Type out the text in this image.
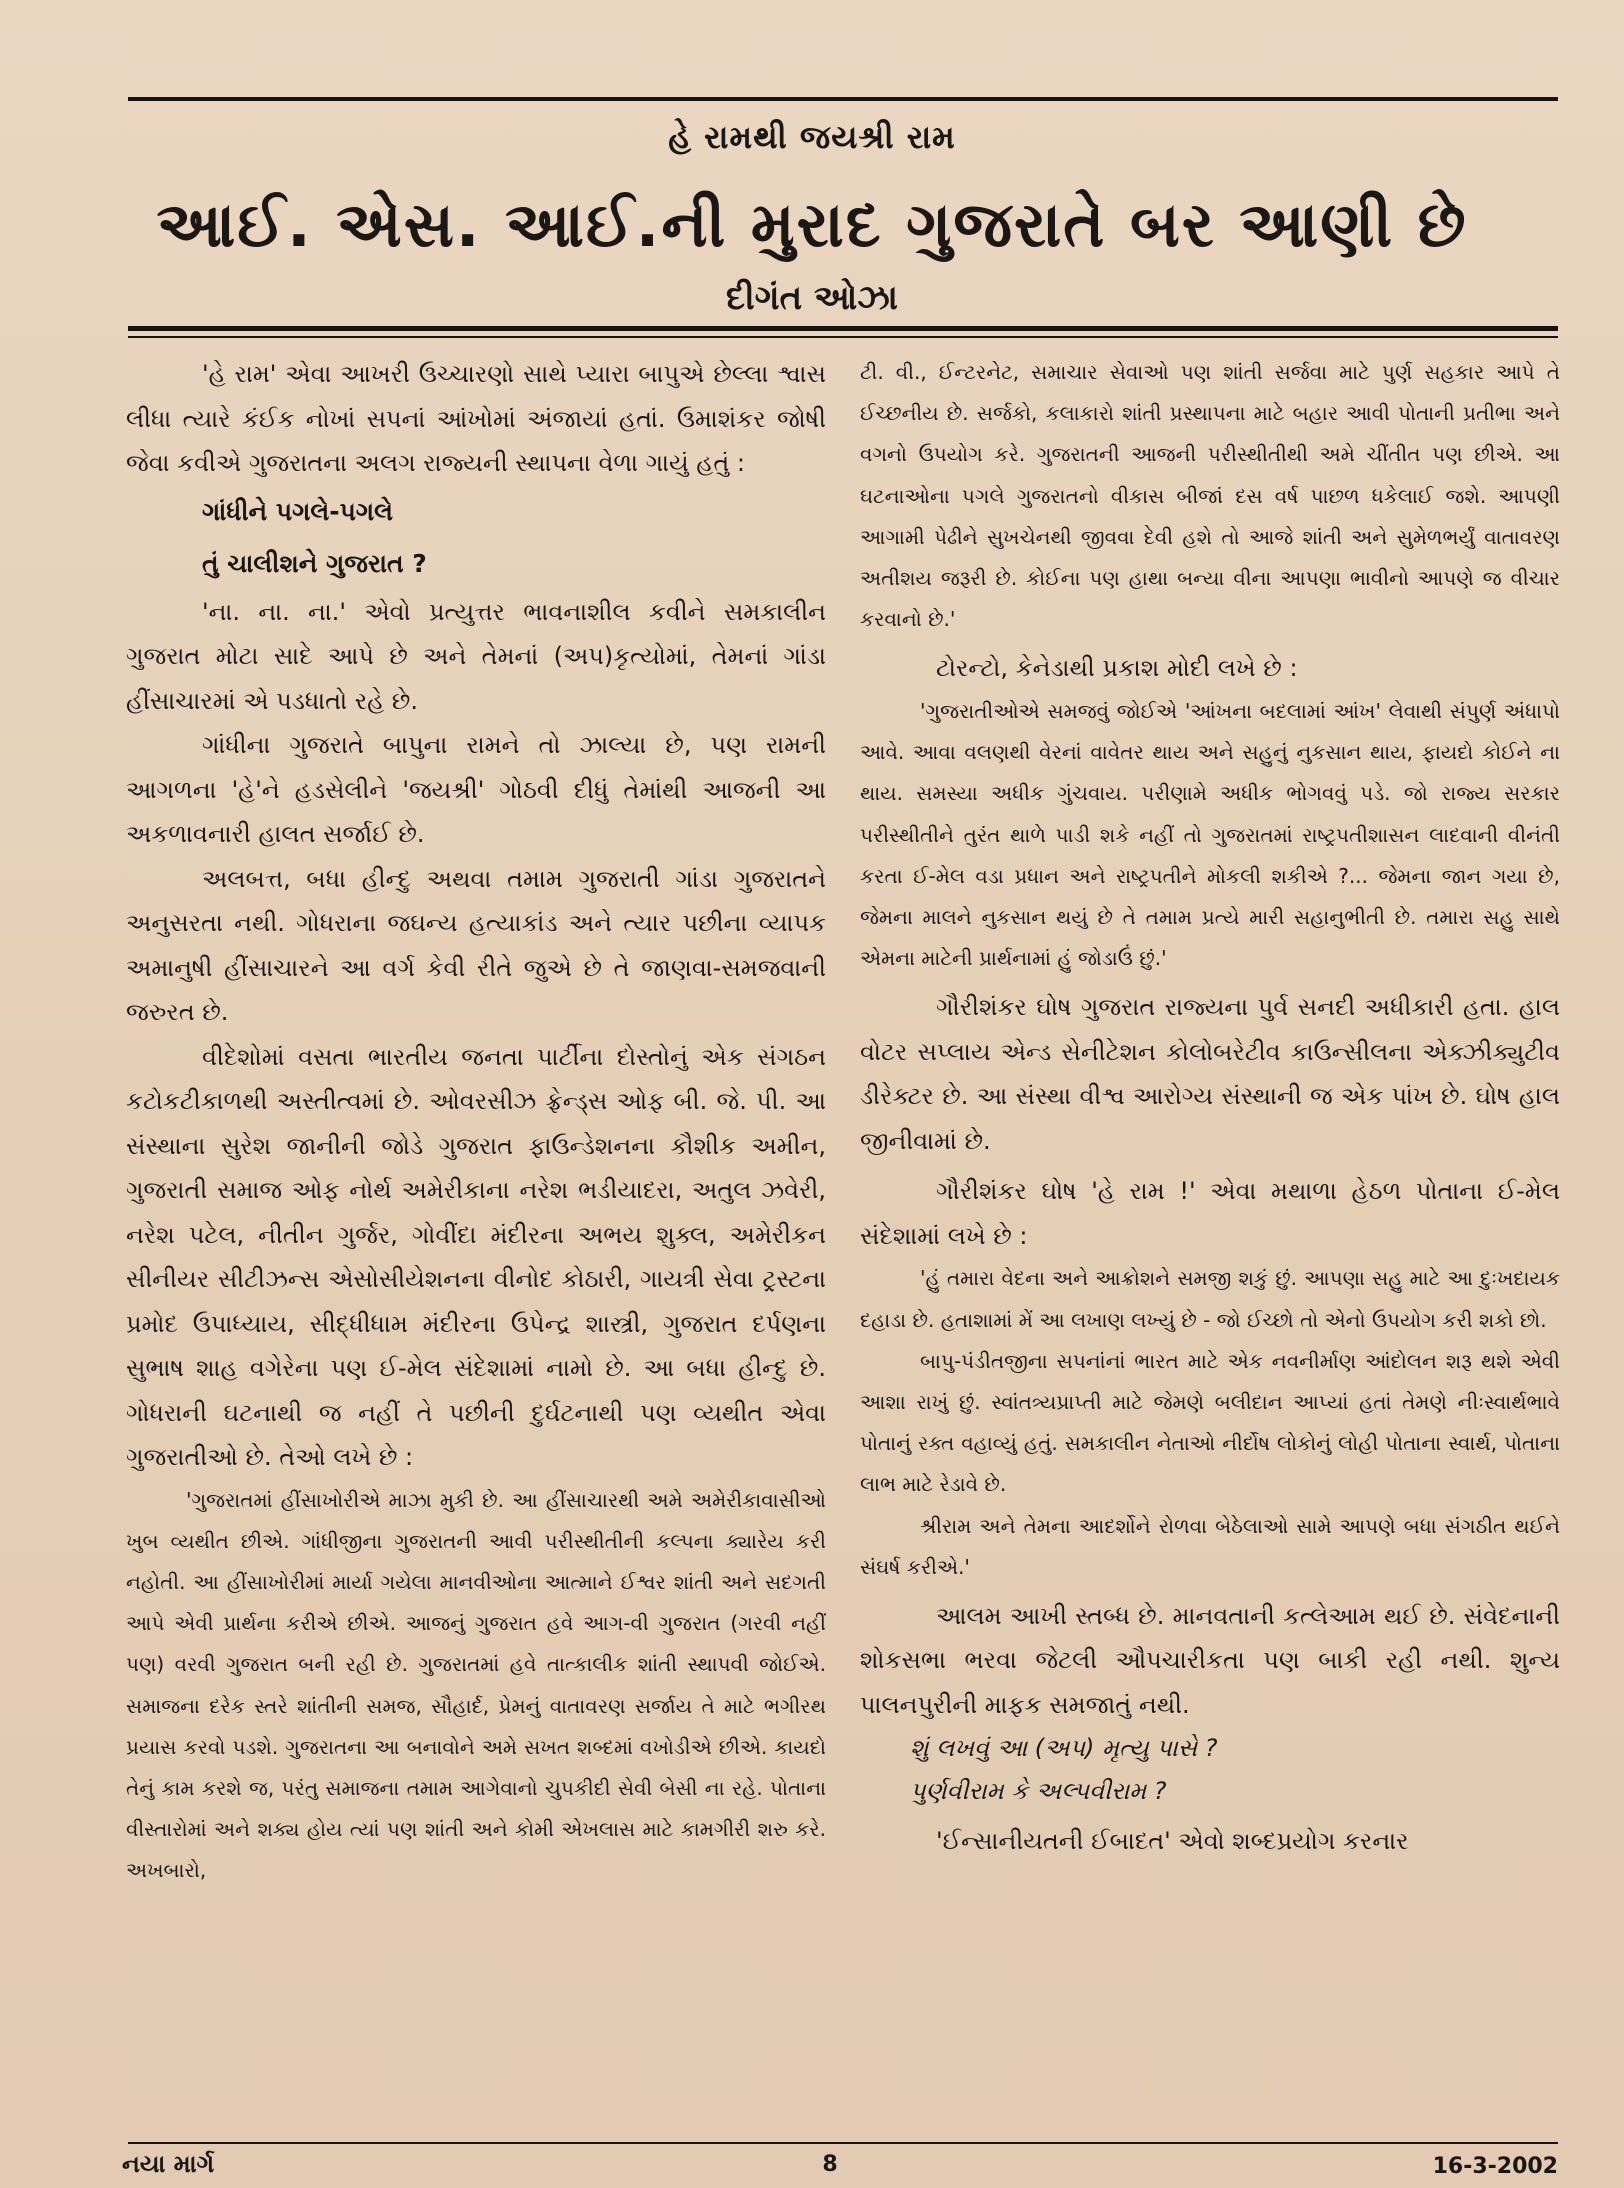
હે રામથી જયશ્રી રામ
આઈ. એસ. આઈ.ની મુરાદ ગુજરાતે બર આણી છે
દીગંત ઓઝા

'હે રામ' એવા આખરી ઉચ્ચારણો સાથે પ્યારા બાપુએ છેલ્લા શ્વાસ લીધા ત્યારે કંઈક નોખાં સપનાં આંખોમાં અંજાયાં હતાં. ઉમાશંકર જોષી જેવા કવીએ ગુજરાતના અલગ રાજ્યની સ્થાપના વેળા ગાયું હતું :

ગાંધીને પગલે-પગલે

તું ચાલીશને ગુજરાત ?

'ના. ના. ના.' એવો પ્રત્યુત્તર ભાવનાશીલ કવીને સમકાલીન ગુજરાત મોટા સાદે આપે છે અને તેમનાં (અપ)કૃત્યોમાં, તેમનાં ગાંડા હીંસાચારમાં એ પડધાતો રહે છે.

ગાંધીના ગુજરાતે બાપુના રામને તો ઝાલ્યા છે, પણ રામની આગળના 'હે'ને હડસેલીને 'જયશ્રી' ગોઠવી દીધું તેમાંથી આજની આ અકળાવનારી હાલત સર્જાઈ છે.

અલબત્ત, બધા હીન્દુ અથવા તમામ ગુજરાતી ગાંડા ગુજરાતને અનુસરતા નથી. ગોધરાના જઘન્ય હત્યાકાંડ અને ત્યાર પછીના વ્યાપક અમાનુષી હીંસાચારને આ વર્ગ કેવી રીતે જુએ છે તે જાણવા-સમજવાની જરુરત છે.

વીદેશોમાં વસતા ભારતીય જનતા પાર્ટીના દોસ્તોનું એક સંગઠન કટોકટીકાળથી અસ્તીત્વમાં છે. ઓવરસીઝ ફ્રેન્ડ્સ ઓફ બી. જે. પી. આ સંસ્થાના સુરેશ જાનીની જોડે ગુજરાત ફાઉન્ડેશનના કૌશીક અમીન, ગુજરાતી સમાજ ઓફ નોર્થ અમેરીકાના નરેશ ભડીયાદરા, અતુલ ઝવેરી, નરેશ પટેલ, નીતીન ગુર્જર, ગોવીંદા મંદીરના અભય શુક્લ, અમેરીકન સીનીયર સીટીઝન્સ એસોસીયેશનના વીનોદ કોઠારી, ગાયત્રી સેવા ટ્રસ્ટના પ્રમોદ ઉપાધ્યાય, સીદ્ધીધામ મંદીરના ઉપેન્દ્ર શાસ્ત્રી, ગુજરાત દર્પણના સુભાષ શાહ વગેરેના પણ ઈ-મેલ સંદેશામાં નામો છે. આ બધા હીન્દુ છે. ગોધરાની ઘટનાથી જ નહીં તે પછીની દુર્ઘટનાથી પણ વ્યથીત એવા ગુજરાતીઓ છે. તેઓ લખે છે :

'ગુજરાતમાં હીંસાખોરીએ માઝા મુકી છે. આ હીંસાચારથી અમે અમેરીકાવાસીઓ ખુબ વ્યથીત છીએ. ગાંધીજીના ગુજરાતની આવી પરીસ્થીતીની કલ્પના ક્યારેય કરી નહોતી. આ હીંસાખોરીમાં માર્યા ગયેલા માનવીઓના આત્માને ઈશ્વર શાંતી અને સદગતી આપે એવી પ્રાર્થના કરીએ છીએ. આજનું ગુજરાત હવે આગ-વી ગુજરાત (ગરવી નહીં પણ) વરવી ગુજરાત બની રહી છે. ગુજરાતમાં હવે તાત્કાલીક શાંતી સ્થાપવી જોઈએ. સમાજના દરેક સ્તરે શાંતીની સમજ, સૌહાર્દ, પ્રેમનું વાતાવરણ સર્જાય તે માટે ભગીરથ પ્રયાસ કરવો પડશે. ગુજરાતના આ બનાવોને અમે સખત શબ્દમાં વખોડીએ છીએ. કાયદો તેનું કામ કરશે જ, પરંતુ સમાજના તમામ આગેવાનો ચુપકીદી સેવી બેસી ના રહે. પોતાના વીસ્તારોમાં અને શક્ય હોય ત્યાં પણ શાંતી અને કોમી એખલાસ માટે કામગીરી શરુ કરે. અખબારો,

ટી. વી., ઈન્ટરનેટ, સમાચાર સેવાઓ પણ શાંતી સર્જવા માટે પુર્ણ સહકાર આપે તે ઈચ્છનીય છે. સર્જકો, કલાકારો શાંતી પ્રસ્થાપના માટે બહાર આવી પોતાની પ્રતીભા અને વગનો ઉપયોગ કરે. ગુજરાતની આજની પરીસ્થીતીથી અમે ચીંતીત પણ છીએ. આ ઘટનાઓના પગલે ગુજરાતનો વીકાસ બીજાં દસ વર્ષ પાછળ ધકેલાઈ જશે. આપણી આગામી પેઢીને સુખચેનથી જીવવા દેવી હશે તો આજે શાંતી અને સુમેળભર્યું વાતાવરણ અતીશય જરૂરી છે. કોઈના પણ હાથા બન્યા વીના આપણા ભાવીનો આપણે જ વીચાર કરવાનો છે.'

ટોરન્ટો, કેનેડાથી પ્રકાશ મોદી લખે છે :

'ગુજરાતીઓએ સમજવું જોઈએ 'આંખના બદલામાં આંખ' લેવાથી સંપુર્ણ અંધાપો આવે. આવા વલણથી વેરનાં વાવેતર થાય અને સહુનું નુકસાન થાય, ફાયદો કોઈને ના થાય. સમસ્યા અધીક ગુંચવાય. પરીણામે અધીક ભોગવવું પડે. જો રાજ્ય સરકાર પરીસ્થીતીને તુરંત થાળે પાડી શકે નહીં તો ગુજરાતમાં રાષ્ટ્રપતીશાસન લાદવાની વીનંતી કરતા ઈ-મેલ વડા પ્રધાન અને રાષ્ટ્રપતીને મોકલી શકીએ ?... જેમના જાન ગયા છે, જેમના માલને નુકસાન થયું છે તે તમામ પ્રત્યે મારી સહાનુભીતી છે. તમારા સહુ સાથે એમના માટેની પ્રાર્થનામાં હું જોડાઉં છું.'

ગૌરીશંકર ઘોષ ગુજરાત રાજ્યના પુર્વ સનદી અધીકારી હતા. હાલ વોટર સપ્લાય એન્ડ સેનીટેશન કોલોબરેટીવ કાઉન્સીલના એક્ઝીક્યુટીવ ડીરેક્ટર છે. આ સંસ્થા વીશ્વ આરોગ્ય સંસ્થાની જ એક પાંખ છે. ઘોષ હાલ જીનીવામાં છે.

ગૌરીશંકર ઘોષ 'હે રામ !' એવા મથાળા હેઠળ પોતાના ઈ-મેલ સંદેશામાં લખે છે :

'હું તમારા વેદના અને આક્રોશને સમજી શકું છું. આપણા સહુ માટે આ દુઃખદાયક દહાડા છે. હતાશામાં મેં આ લખાણ લખ્યું છે - જો ઈચ્છો તો એનો ઉપયોગ કરી શકો છો.

બાપુ-પંડીતજીના સપનાંનાં ભારત માટે એક નવનીર્માણ આંદોલન શરૂ થશે એવી આશા રાખું છું. સ્વાંતત્ર્યપ્રાપ્તી માટે જેમણે બલીદાન આપ્યાં હતાં તેમણે નીઃસ્વાર્થભાવે પોતાનું રક્ત વહાવ્યું હતું. સમકાલીન નેતાઓ નીર્દોષ લોકોનું લોહી પોતાના સ્વાર્થ, પોતાના લાભ માટે રેડાવે છે.

શ્રીરામ અને તેમના આદર્શોને રોળવા બેઠેલાઓ સામે આપણે બધા સંગઠીત થઈને સંઘર્ષ કરીએ.'

આલમ આખી સ્તબ્ધ છે. માનવતાની કત્લેઆમ થઈ છે. સંવેદનાની શોકસભા ભરવા જેટલી ઔપચારીકતા પણ બાકી રહી નથી. શુન્ય પાલનપુરીની માફક સમજાતું નથી.

શું લખવું આ (અપ) મૃત્યુ પાસે ?

પુર્ણવીરામ કે અલ્પવીરામ ?

'ઈન્સાનીયતની ઈબાદત' એવો શબ્દપ્રયોગ કરનાર

નયા માર્ગ	8	16-3-2002
